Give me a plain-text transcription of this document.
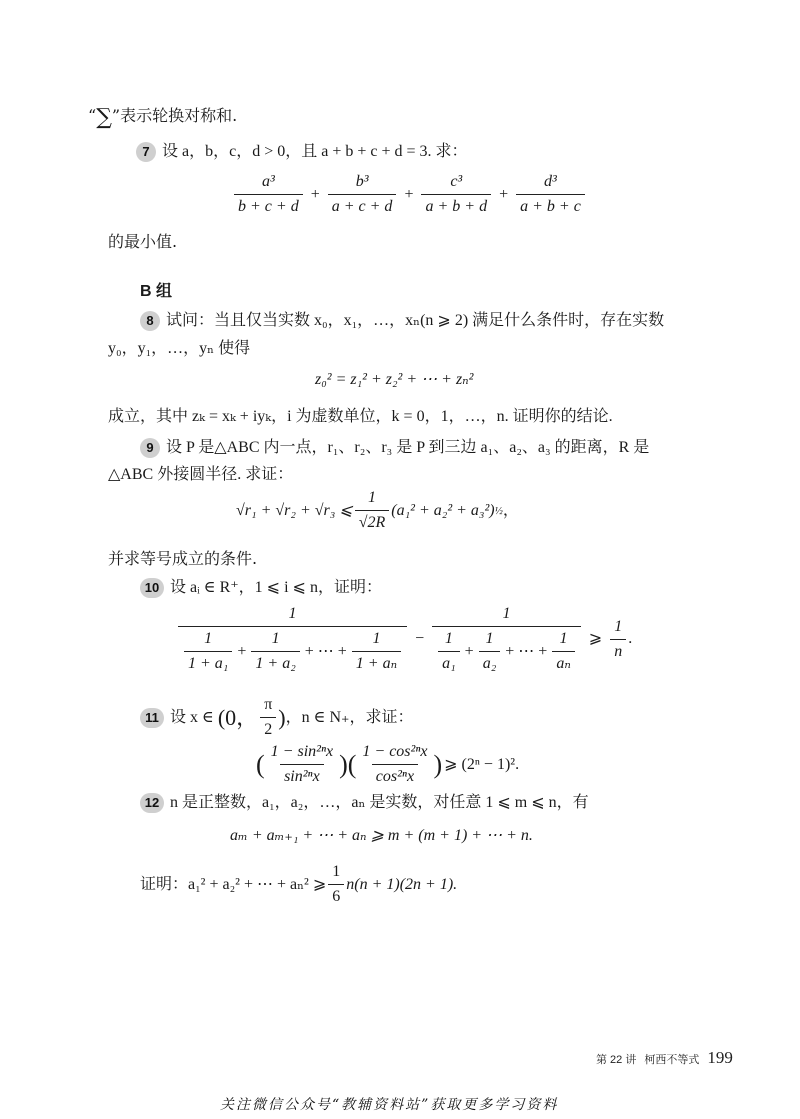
“∑”表示轮换对称和.
7 设 a，b，c，d > 0，且 a + b + c + d = 3. 求：
$\frac{\text{a³}}{b + c + d} + \frac{\text{b³}}{a + c + d} + \frac{\text{c³}}{a + b + d} + \frac{\text{d³}}{a + b + c}$
的最小值.
B 组
8 试问：当且仅当实数 x₀，x₁，…，xₙ(n ⩾ 2) 满足什么条件时，存在实数
y₀，y₁，…，yₙ 使得
z₀² = z₁² + z₂² + ⋯ + zₙ²
成立，其中 zₖ = xₖ + iyₖ，i 为虚数单位，k = 0，1，…，n. 证明你的结论.
9 设 P 是△ABC 内一点，r₁、r₂、r₃ 是 P 到三边 a₁、a₂、a₃ 的距离，R 是
△ABC 外接圆半径. 求证：
√r₁ + √r₂ + √r₃ ⩽ $\frac{1}{√2R} (a_1^2 + a_2^2 + a_3^2)$ ½ ，
并求等号成立的条件.
10 设 aᵢ ∈ R⁺，1 ⩽ i ⩽ n，证明：
$\frac{1}{\frac{1}{\text{1 + a₁}} + \frac{1}{\text{1 + a₂}} + \cdots + \frac{1}{\text{1 + aₙ}}} - \frac{1}{\frac{1}{\text{a₁}} + \frac{1}{\text{a₂}} + \cdots + \frac{1}{\text{aₙ}}}$ ⩾ $\frac{1}{n}$ .
11 设 x ∈ (0， $\frac{\pi}{2}$ ) ，n ∈ N₊，求证：
( $\frac{\text{1 − sin²ⁿx}}{\text{sin²ⁿx}}$ )( $\frac{\text{1 − cos²ⁿx}}{\text{cos²ⁿx}}$ ) ⩾ (2ⁿ − 1)².
12 n 是正整数，a₁，a₂，…，aₙ 是实数，对任意 1 ⩽ m ⩽ n，有
aₘ + aₘ₊₁ + ⋯ + aₙ ⩾ m + (m + 1) + ⋯ + n.
证明：a₁² + a₂² + ⋯ + aₙ² ⩾ $\frac{1}{6} n(n + 1)(2n + 1)$.
第 22 讲 柯西不等式 199
关注微信公众号“教辅资料站”获取更多学习资料
